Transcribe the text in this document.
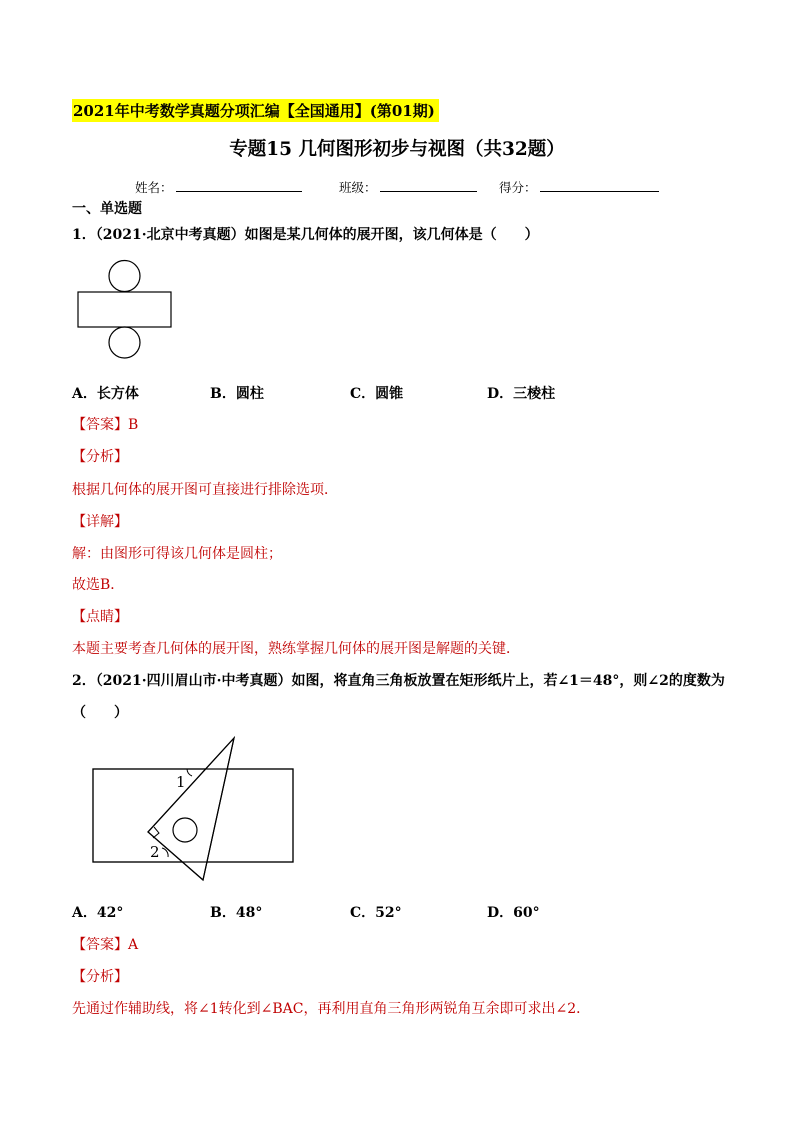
2021年中考数学真题分项汇编【全国通用】(第01期)
专题15 几何图形初步与视图（共32题）
姓名：	班级：	得分：
一、单选题
1．（2021·北京中考真题）如图是某几何体的展开图，该几何体是（　　）
A．长方体	B．圆柱	C．圆锥	D．三棱柱
【答案】B
【分析】
根据几何体的展开图可直接进行排除选项．
【详解】
解：由图形可得该几何体是圆柱；
故选B．
【点睛】
本题主要考查几何体的展开图，熟练掌握几何体的展开图是解题的关键．
2．（2021·四川眉山市·中考真题）如图，将直角三角板放置在矩形纸片上，若∠1＝48°，则∠2的度数为
（　　）
1
2
A．42°	B．48°	C．52°	D．60°
【答案】A
【分析】
先通过作辅助线，将∠1转化到∠BAC，再利用直角三角形两锐角互余即可求出∠2．
